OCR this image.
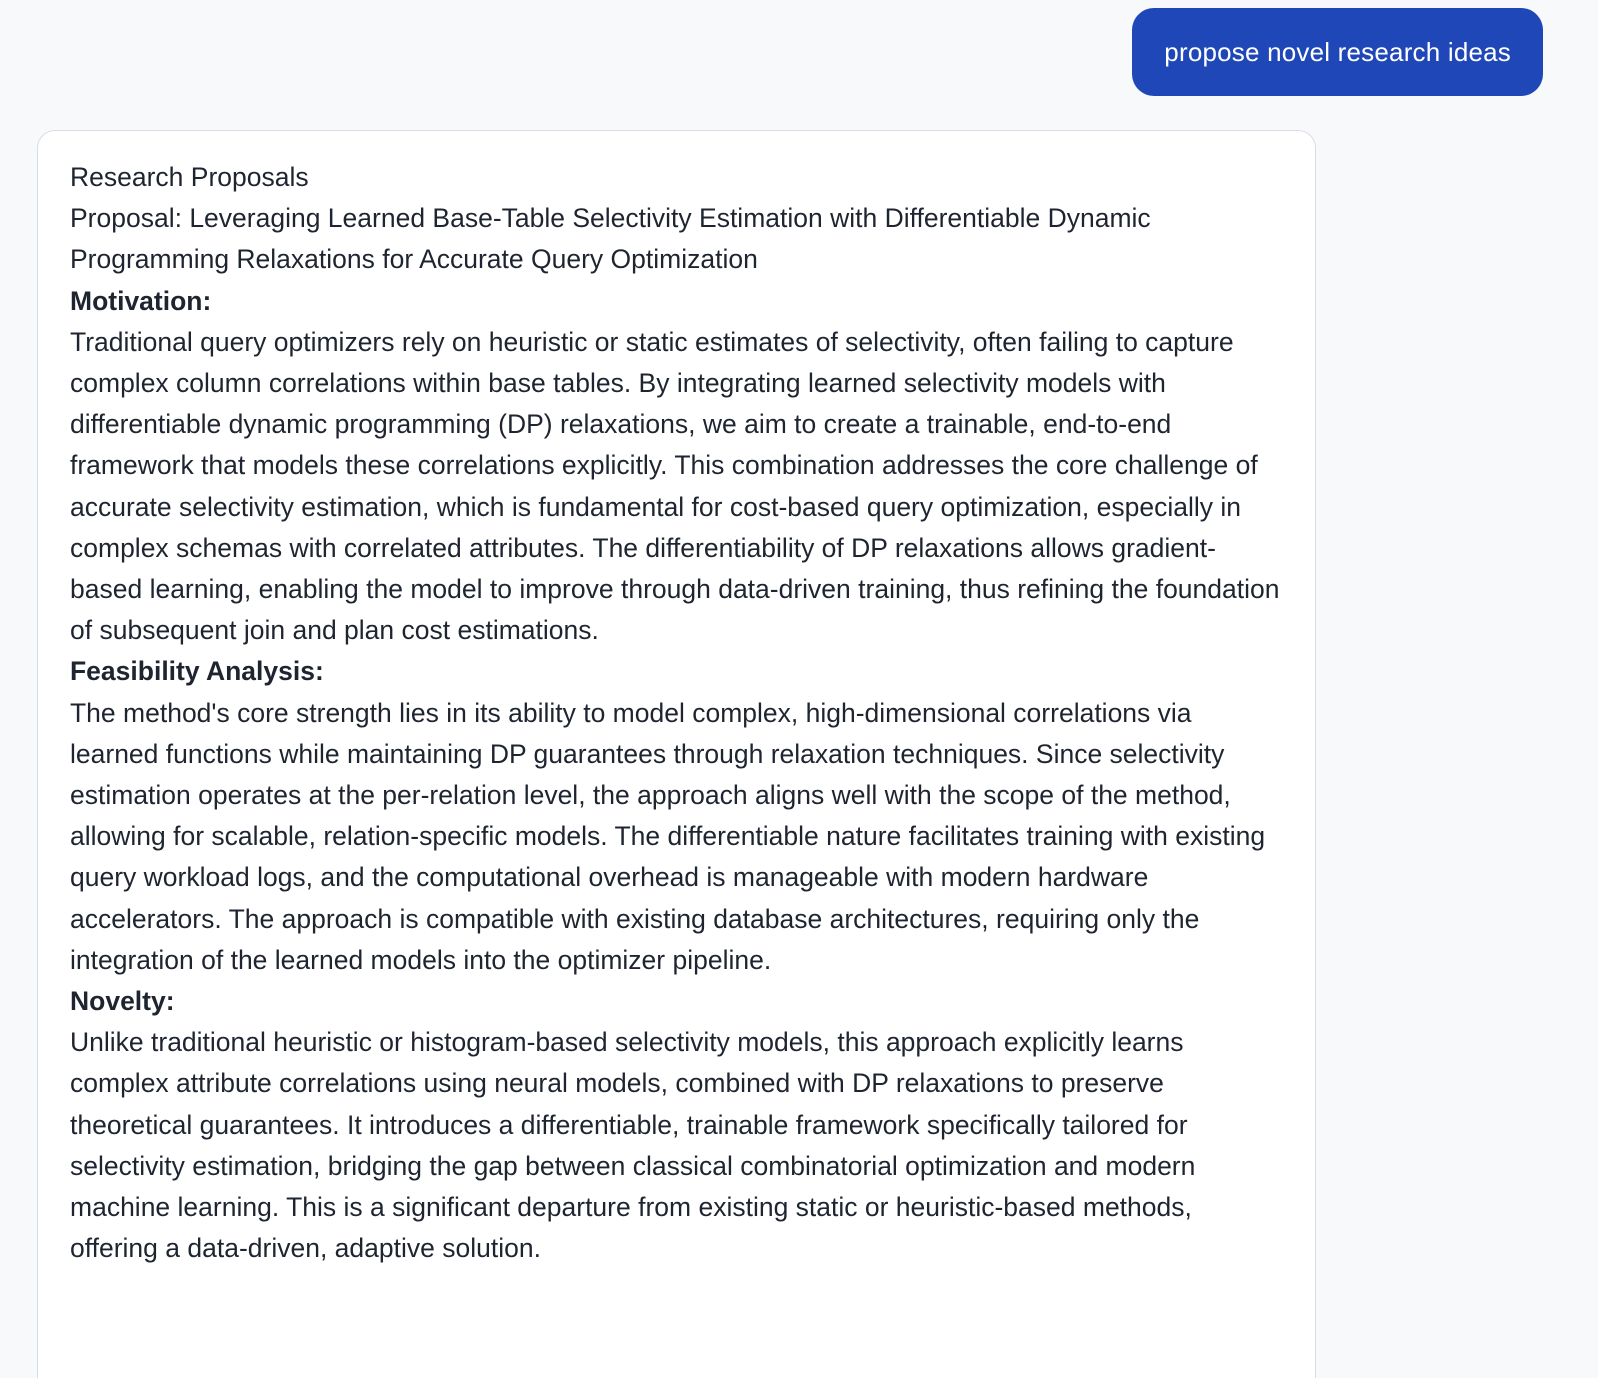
propose novel research ideas
Research Proposals
Proposal: Leveraging Learned Base-Table Selectivity Estimation with Differentiable Dynamic Programming Relaxations for Accurate Query Optimization
Motivation:
Traditional query optimizers rely on heuristic or static estimates of selectivity, often failing to capture complex column correlations within base tables. By integrating learned selectivity models with differentiable dynamic programming (DP) relaxations, we aim to create a trainable, end-to-end framework that models these correlations explicitly. This combination addresses the core challenge of accurate selectivity estimation, which is fundamental for cost-based query optimization, especially in complex schemas with correlated attributes. The differentiability of DP relaxations allows gradient-based learning, enabling the model to improve through data-driven training, thus refining the foundation of subsequent join and plan cost estimations.
Feasibility Analysis:
The method's core strength lies in its ability to model complex, high-dimensional correlations via learned functions while maintaining DP guarantees through relaxation techniques. Since selectivity estimation operates at the per-relation level, the approach aligns well with the scope of the method, allowing for scalable, relation-specific models. The differentiable nature facilitates training with existing query workload logs, and the computational overhead is manageable with modern hardware accelerators. The approach is compatible with existing database architectures, requiring only the integration of the learned models into the optimizer pipeline.
Novelty:
Unlike traditional heuristic or histogram-based selectivity models, this approach explicitly learns complex attribute correlations using neural models, combined with DP relaxations to preserve theoretical guarantees. It introduces a differentiable, trainable framework specifically tailored for selectivity estimation, bridging the gap between classical combinatorial optimization and modern machine learning. This is a significant departure from existing static or heuristic-based methods, offering a data-driven, adaptive solution.
